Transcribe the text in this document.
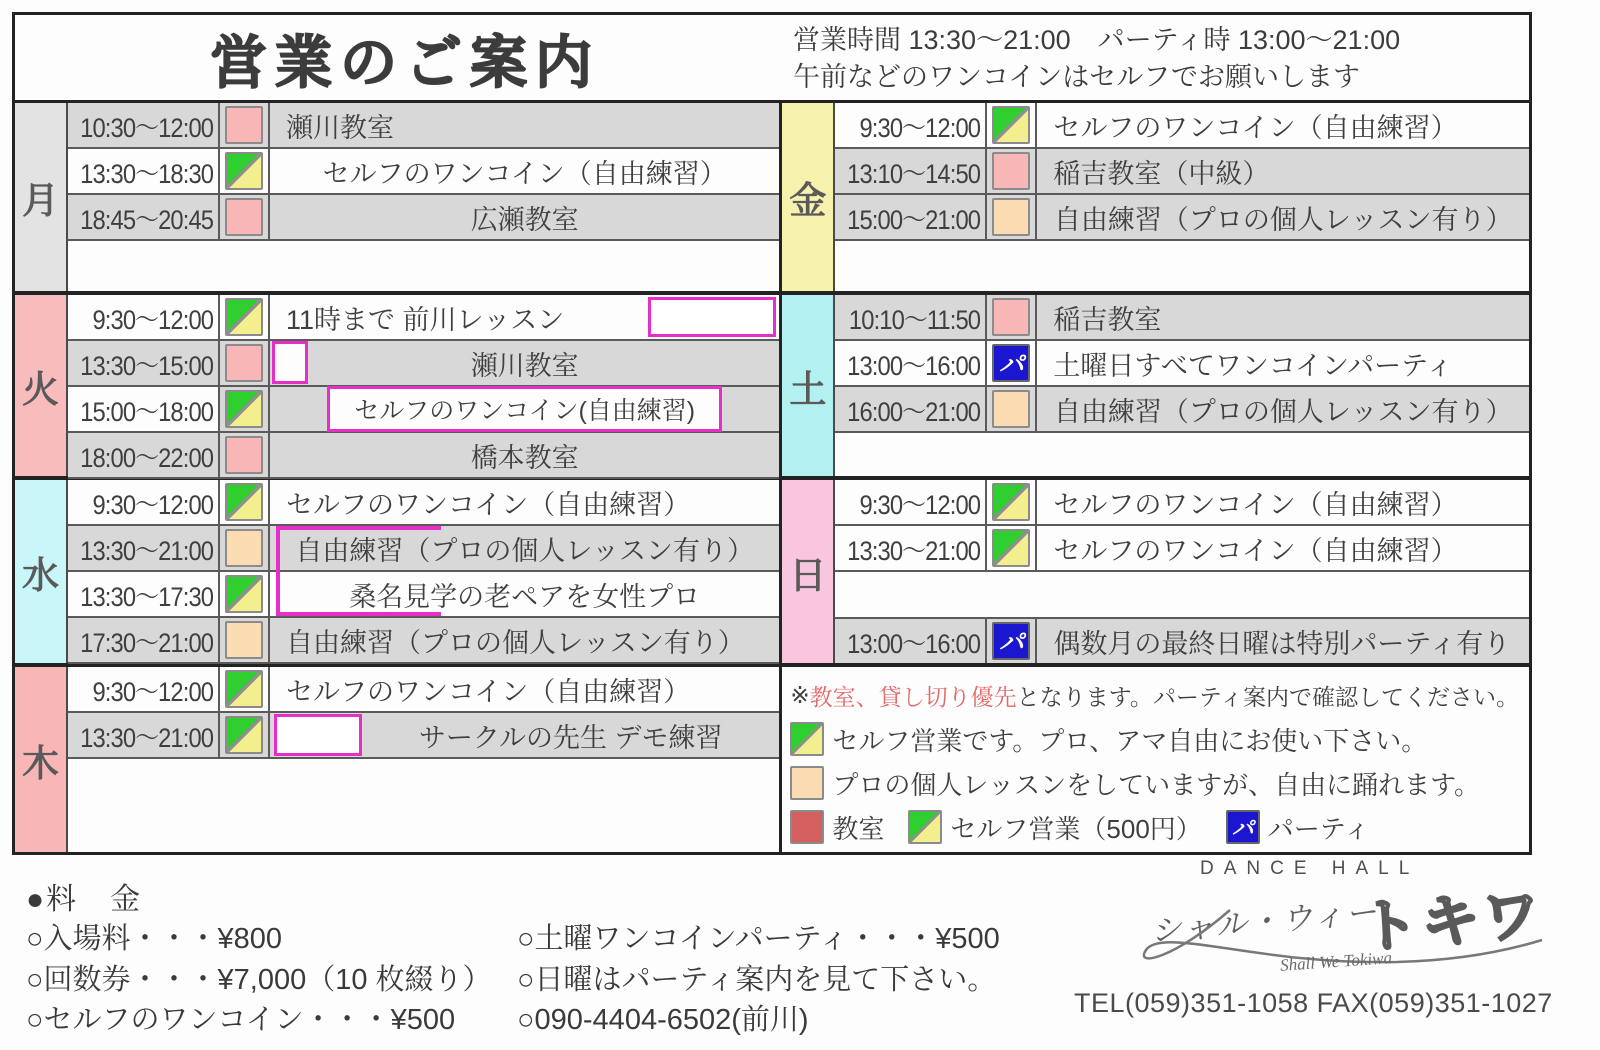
営業のご案内	営業時間 13:30〜21:00　パーティ時 13:00〜21:00
午前などのワンコインはセルフでお願いします
月
10:30〜12:00	瀬川教室
13:30〜18:30	セルフのワンコイン（自由練習）
18:45〜20:45	広瀬教室
火
9:30〜12:00	11時まで 前川レッスン
13:30〜15:00	瀬川教室
15:00〜18:00	セルフのワンコイン(自由練習)
18:00〜22:00	橋本教室
水
9:30〜12:00	セルフのワンコイン（自由練習）
13:30〜21:00	自由練習（プロの個人レッスン有り）
13:30〜17:30	桑名見学の老ペアを女性プロ
17:30〜21:00	自由練習（プロの個人レッスン有り）
木
9:30〜12:00	セルフのワンコイン（自由練習）
13:30〜21:00	サークルの先生 デモ練習
金
9:30〜12:00	セルフのワンコイン（自由練習）
13:10〜14:50	稲吉教室（中級）
15:00〜21:00	自由練習（プロの個人レッスン有り）
土
10:10〜11:50	稲吉教室
13:00〜16:00 パ 土曜日すべてワンコインパーティ
16:00〜21:00	自由練習（プロの個人レッスン有り）
日
9:30〜12:00	セルフのワンコイン（自由練習）
13:30〜21:00	セルフのワンコイン（自由練習）
13:00〜16:00 パ 偶数月の最終日曜は特別パーティ有り
※ 教室、貸し切り優先 となります。パーティ案内で確認してください。
セルフ営業です。プロ、アマ自由にお使い下さい。
プロの個人レッスンをしていますが、自由に踊れます。
教室	セルフ営業（500円） パ パーティ
●料　金
○入場料・・・¥800
○回数券・・・¥7,000（10 枚綴り）
○セルフのワンコイン・・・¥500
○土曜ワンコインパーティ・・・¥500
○日曜はパーティ案内を見て下さい。
○090-4404-6502(前川)
DANCE HALL
シャル・ウィー
トキワ
Shall We Tokiwa
TEL(059)351-1058 FAX(059)351-1027
